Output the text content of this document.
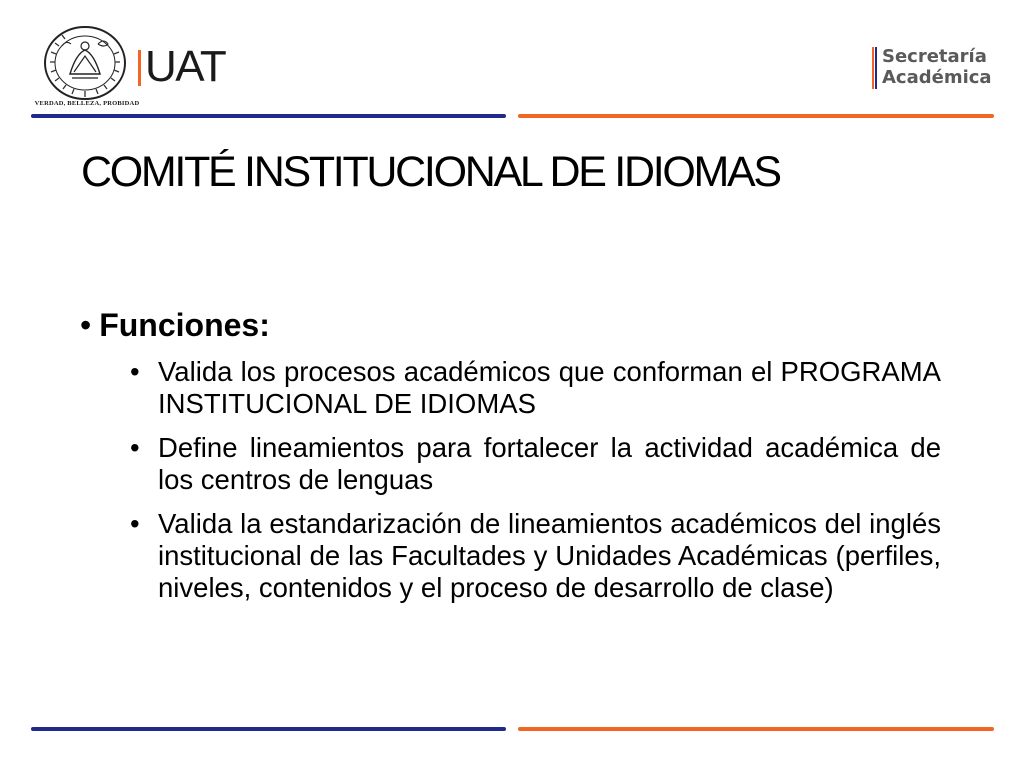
VERDAD, BELLEZA, PROBIDAD
UAT	Secretaría
Académica
COMITÉ INSTITUCIONAL DE IDIOMAS
• Funciones:
• Valida los procesos académicos que conforman el PROGRAMA INSTITUCIONAL DE IDIOMAS
• Define lineamientos para fortalecer la actividad académica de los centros de lenguas
• Valida la estandarización de lineamientos académicos del inglés institucional de las Facultades y Unidades Académicas (perfiles, niveles, contenidos y el proceso de desarrollo de clase)
